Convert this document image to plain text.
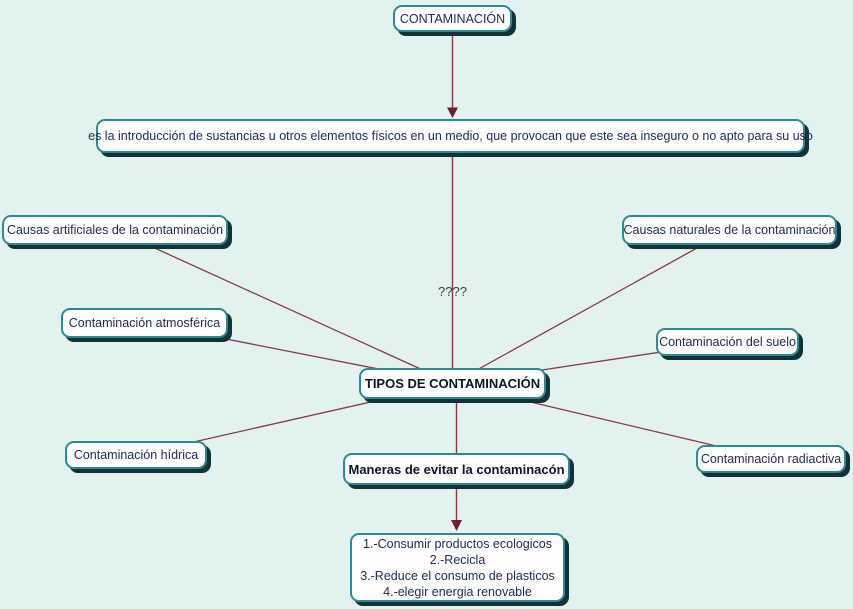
CONTAMINACIÓN
es la introducción de sustancias u otros elementos físicos en un medio, que provocan que este sea inseguro o no apto para su uso
Causas artificiales de la contaminación	Causas naturales de la contaminación
????
Contaminación atmosférica
Contaminación del suelo
TIPOS DE CONTAMINACIÓN
Contaminación hídrica	Contaminación radiactiva
Maneras de evitar la contaminacón
1.-Consumir productos ecologicos
2.-Recicla
3.-Reduce el consumo de plasticos
4.-elegir energia renovable
